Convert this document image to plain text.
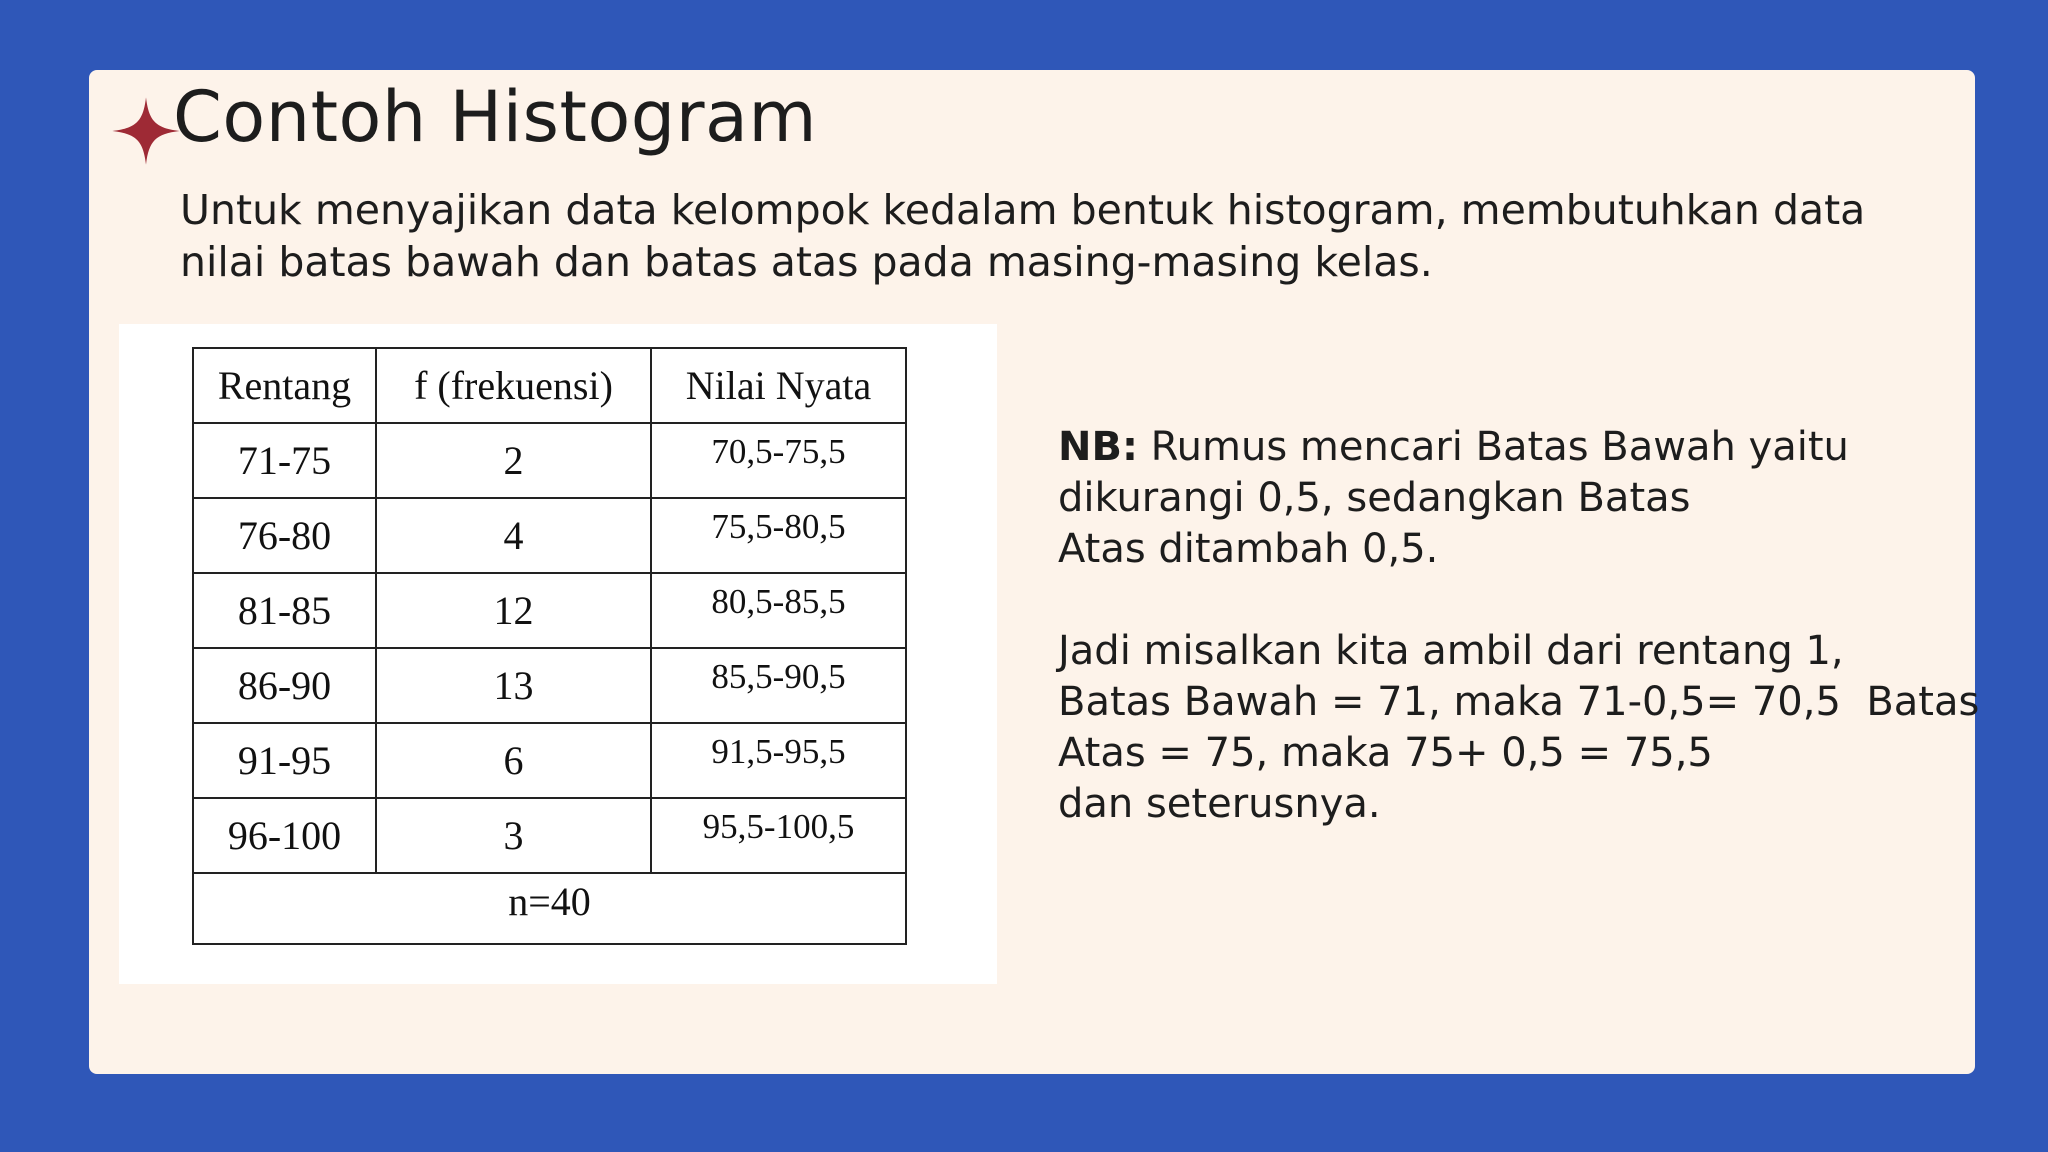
Contoh Histogram
Untuk menyajikan data kelompok kedalam bentuk histogram, membutuhkan data nilai batas bawah dan batas atas pada masing-masing kelas.
Rentang	f (frekuensi)	Nilai Nyata
71-75	2	70,5-75,5
76-80	4	75,5-80,5
81-85	12	80,5-85,5
86-90	13	85,5-90,5
91-95	6	91,5-95,5
96-100	3	95,5-100,5
n=40		

NB: Rumus mencari Batas Bawah yaitu

dikurangi 0,5, sedangkan Batas

Atas ditambah 0,5.

Jadi misalkan kita ambil dari rentang 1,

Batas Bawah = 71, maka 71-0,5= 70,5  Batas

Atas = 75, maka 75+ 0,5 = 75,5

dan seterusnya.
